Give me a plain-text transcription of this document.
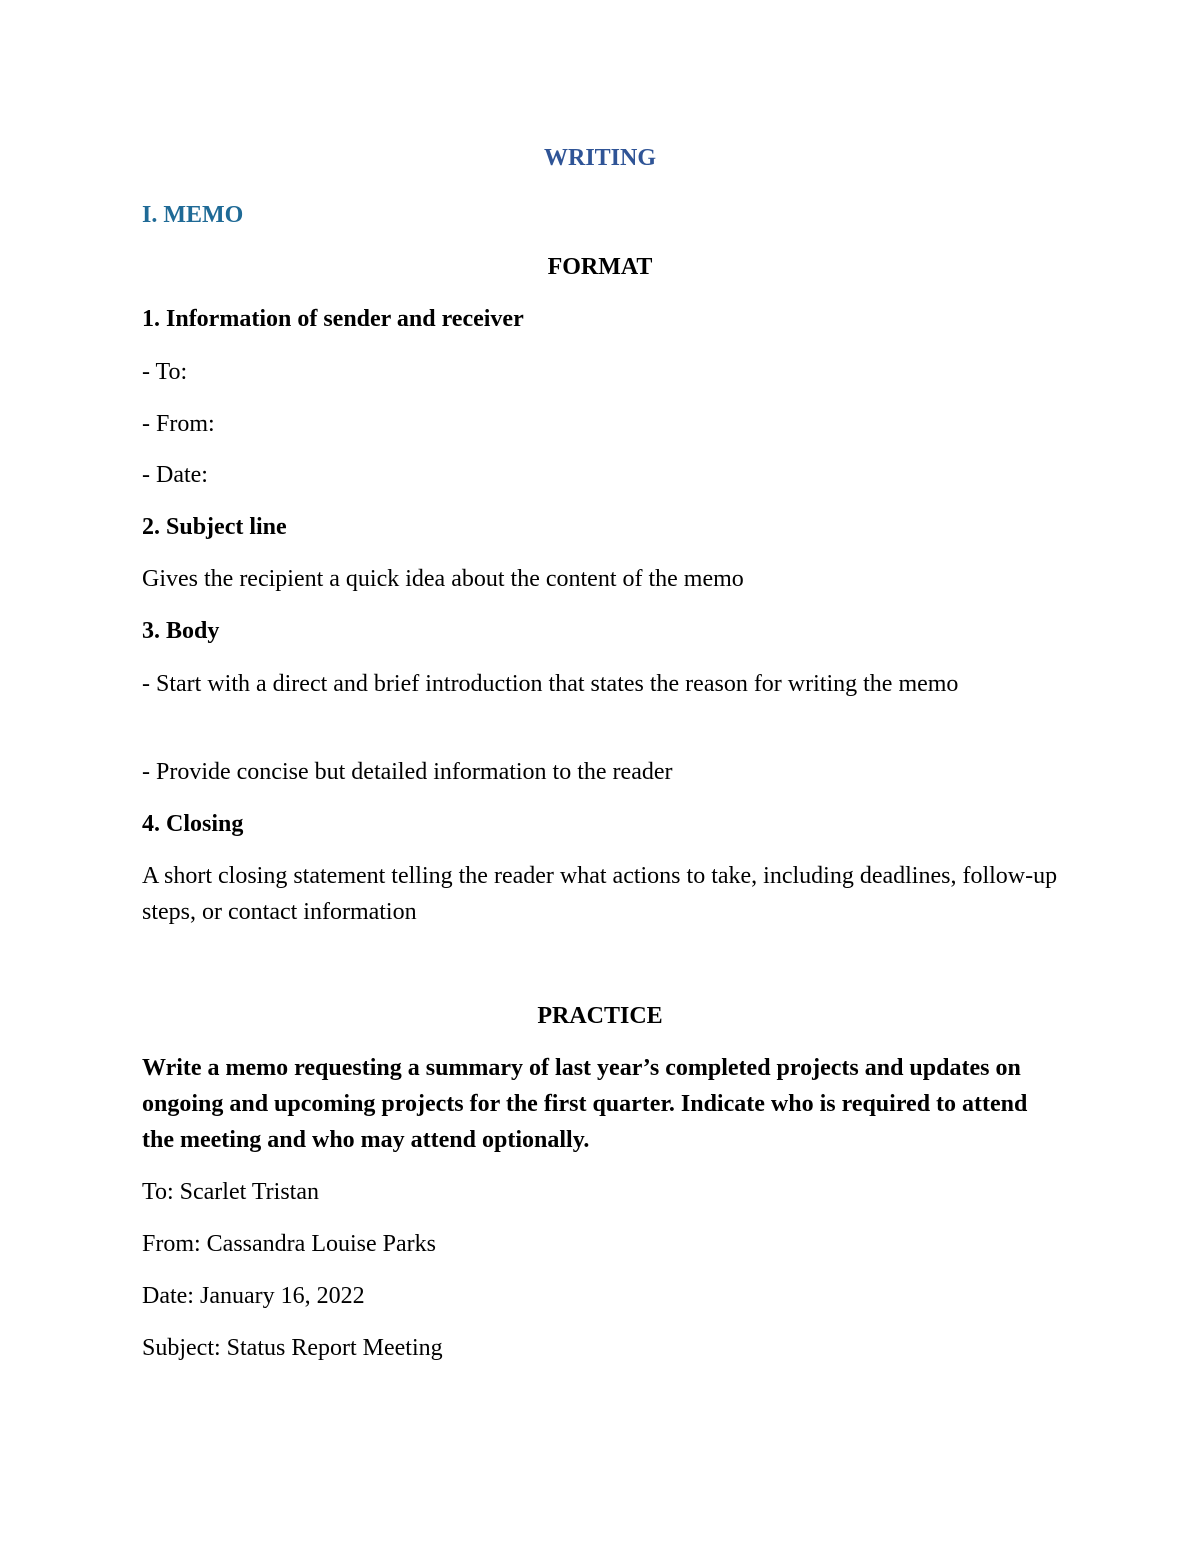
WRITING

I. MEMO

FORMAT

1. Information of sender and receiver

- To:

- From:

- Date:

2. Subject line

Gives the recipient a quick idea about the content of the memo

3. Body

- Start with a direct and brief introduction that states the reason for writing the memo

- Provide concise but detailed information to the reader

4. Closing

A short closing statement telling the reader what actions to take, including deadlines, follow-up steps, or contact information

PRACTICE

Write a memo requesting a summary of last year’s completed projects and updates on ongoing and upcoming projects for the first quarter. Indicate who is required to attend the meeting and who may attend optionally.

To: Scarlet Tristan

From: Cassandra Louise Parks

Date: January 16, 2022

Subject: Status Report Meeting
